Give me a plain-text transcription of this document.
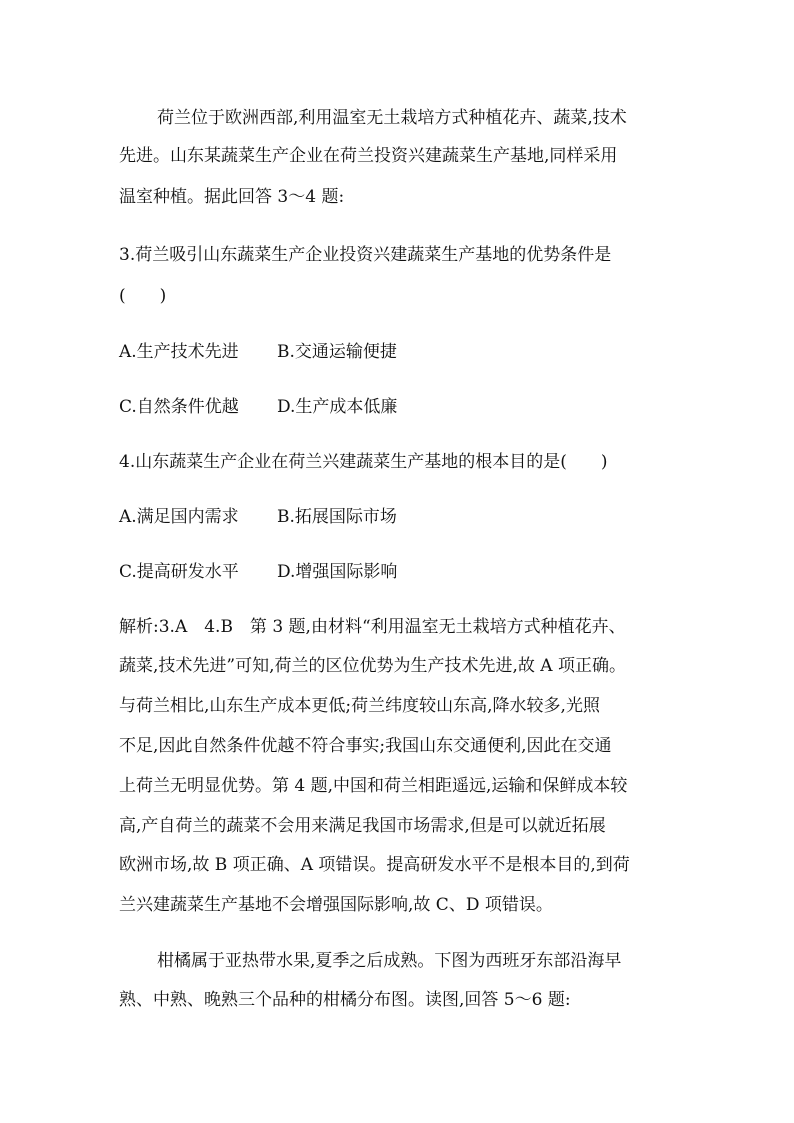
荷兰位于欧洲西部,利用温室无土栽培方式种植花卉、蔬菜,技术
先进。山东某蔬菜生产企业在荷兰投资兴建蔬菜生产基地,同样采用
温室种植。据此回答 3～4 题:
3.荷兰吸引山东蔬菜生产企业投资兴建蔬菜生产基地的优势条件是
(　　)
A.生产技术先进 B.交通运输便捷
C.自然条件优越 D.生产成本低廉
4.山东蔬菜生产企业在荷兰兴建蔬菜生产基地的根本目的是(　　)
A.满足国内需求 B.拓展国际市场
C.提高研发水平 D.增强国际影响
解析:3.A　4.B　第 3 题,由材料“利用温室无土栽培方式种植花卉、
蔬菜,技术先进”可知,荷兰的区位优势为生产技术先进,故 A 项正确。
与荷兰相比,山东生产成本更低;荷兰纬度较山东高,降水较多,光照
不足,因此自然条件优越不符合事实;我国山东交通便利,因此在交通
上荷兰无明显优势。第 4 题,中国和荷兰相距遥远,运输和保鲜成本较
高,产自荷兰的蔬菜不会用来满足我国市场需求,但是可以就近拓展
欧洲市场,故 B 项正确、A 项错误。提高研发水平不是根本目的,到荷
兰兴建蔬菜生产基地不会增强国际影响,故 C、D 项错误。
柑橘属于亚热带水果,夏季之后成熟。下图为西班牙东部沿海早
熟、中熟、晚熟三个品种的柑橘分布图。读图,回答 5～6 题:
